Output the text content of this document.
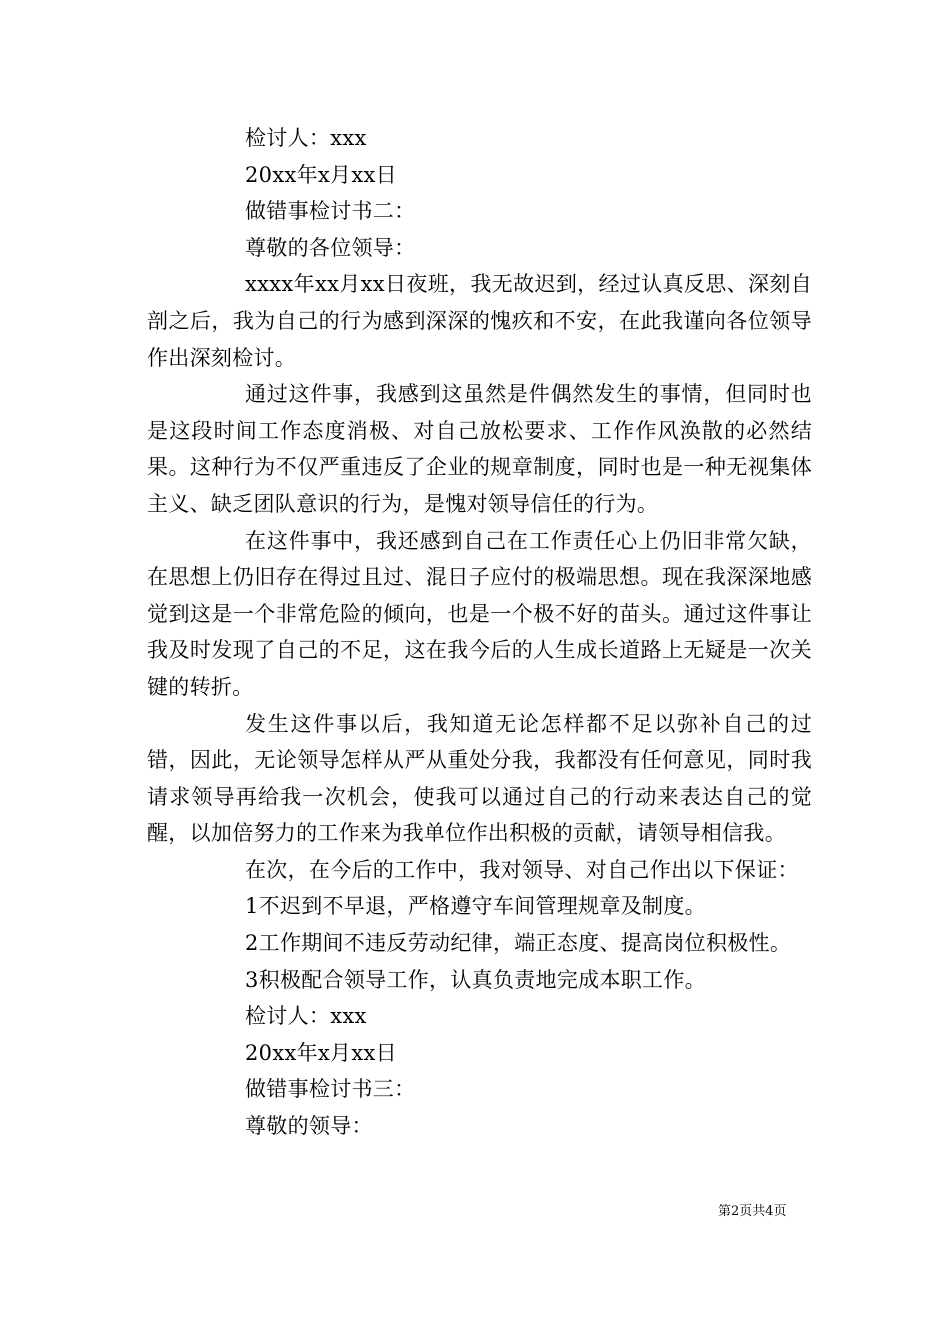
检讨人：xxx
20xx年x月xx日
做错事检讨书二：
尊敬的各位领导：
xxxx年xx月xx日夜班，我无故迟到，经过认真反思、深刻自剖之后，我为自己的行为感到深深的愧疚和不安，在此我谨向各位领导作出深刻检讨。
通过这件事，我感到这虽然是件偶然发生的事情，但同时也是这段时间工作态度消极、对自己放松要求、工作作风涣散的必然结果。这种行为不仅严重违反了企业的规章制度，同时也是一种无视集体主义、缺乏团队意识的行为，是愧对领导信任的行为。
在这件事中，我还感到自己在工作责任心上仍旧非常欠缺，在思想上仍旧存在得过且过、混日子应付的极端思想。现在我深深地感觉到这是一个非常危险的倾向，也是一个极不好的苗头。通过这件事让我及时发现了自己的不足，这在我今后的人生成长道路上无疑是一次关键的转折。
发生这件事以后，我知道无论怎样都不足以弥补自己的过错，因此，无论领导怎样从严从重处分我，我都没有任何意见，同时我请求领导再给我一次机会，使我可以通过自己的行动来表达自己的觉醒，以加倍努力的工作来为我单位作出积极的贡献，请领导相信我。
在次，在今后的工作中，我对领导、对自己作出以下保证：
1不迟到不早退，严格遵守车间管理规章及制度。
2工作期间不违反劳动纪律，端正态度、提高岗位积极性。
3积极配合领导工作，认真负责地完成本职工作。
检讨人：xxx
20xx年x月xx日
做错事检讨书三：
尊敬的领导：
第2页共4页
